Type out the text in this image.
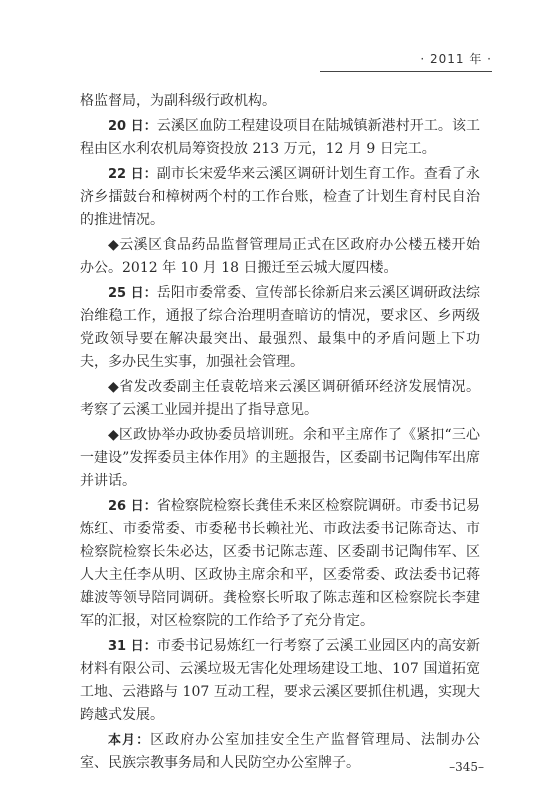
· 2011 年 ·

格监督局，为副科级行政机构。

20 日：云溪区血防工程建设项目在陆城镇新港村开工。该工程由区水利农机局筹资投放 213 万元，12 月 9 日完工。

22 日：副市长宋爱华来云溪区调研计划生育工作。查看了永济乡擂鼓台和樟树两个村的工作台账，检查了计划生育村民自治的推进情况。

◆云溪区食品药品监督管理局正式在区政府办公楼五楼开始办公。2012 年 10 月 18 日搬迁至云城大厦四楼。

25 日：岳阳市委常委、宣传部长徐新启来云溪区调研政法综治维稳工作，通报了综合治理明查暗访的情况，要求区、乡两级党政领导要在解决最突出、最强烈、最集中的矛盾问题上下功夫，多办民生实事，加强社会管理。

◆省发改委副主任袁乾培来云溪区调研循环经济发展情况。考察了云溪工业园并提出了指导意见。

◆区政协举办政协委员培训班。余和平主席作了《紧扣“三心一建设”发挥委员主体作用》的主题报告，区委副书记陶伟军出席并讲话。

26 日：省检察院检察长龚佳禾来区检察院调研。市委书记易炼红、市委常委、市委秘书长赖社光、市政法委书记陈奇达、市检察院检察长朱必达，区委书记陈志莲、区委副书记陶伟军、区人大主任李从明、区政协主席余和平，区委常委、政法委书记蒋雄波等领导陪同调研。龚检察长听取了陈志莲和区检察院长李建军的汇报，对区检察院的工作给予了充分肯定。

31 日：市委书记易炼红一行考察了云溪工业园区内的高安新材料有限公司、云溪垃圾无害化处理场建设工地、107 国道拓宽工地、云港路与 107 互动工程，要求云溪区要抓住机遇，实现大跨越式发展。

本月：区政府办公室加挂安全生产监督管理局、法制办公室、民族宗教事务局和人民防空办公室牌子。	–345–
